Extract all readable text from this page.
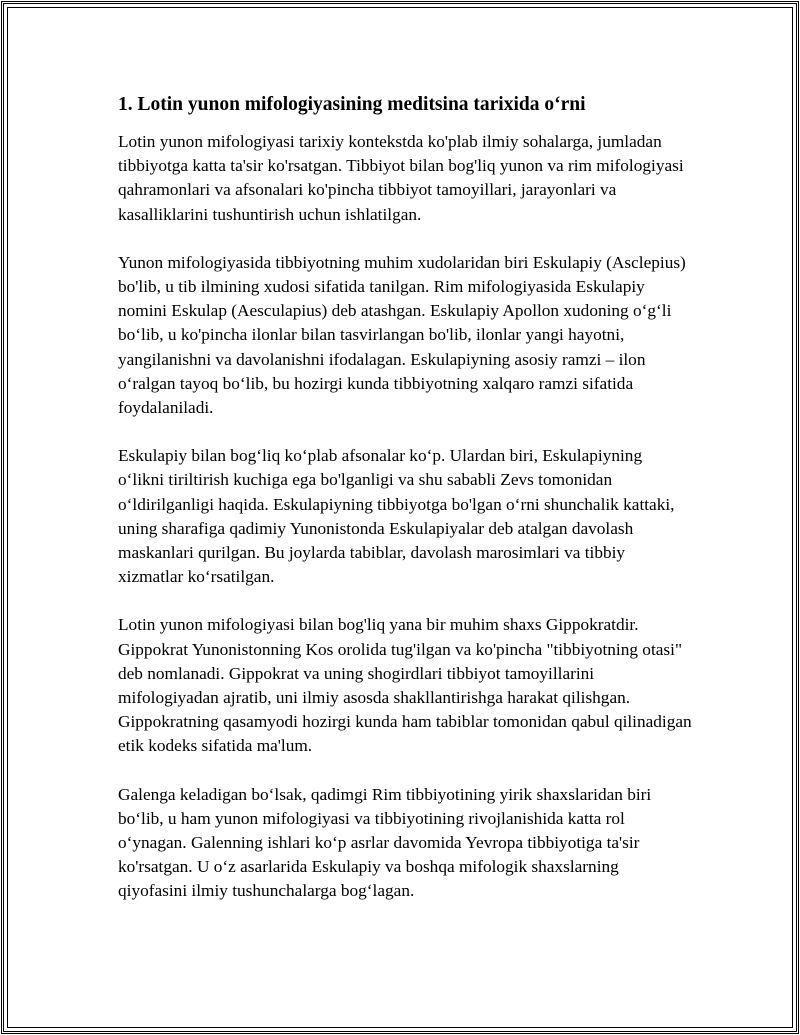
1. Lotin yunon mifologiyasining meditsina tarixida o‘rni

Lotin yunon mifologiyasi tarixiy kontekstda ko'plab ilmiy sohalarga, jumladan tibbiyotga katta ta'sir ko'rsatgan. Tibbiyot bilan bog'liq yunon va rim mifologiyasi qahramonlari va afsonalari ko'pincha tibbiyot tamoyillari, jarayonlari va kasalliklarini tushuntirish uchun ishlatilgan.

Yunon mifologiyasida tibbiyotning muhim xudolaridan biri Eskulapiy (Asclepius) bo'lib, u tib ilmining xudosi sifatida tanilgan. Rim mifologiyasida Eskulapiy nomini Eskulap (Aesculapius) deb atashgan. Eskulapiy Apollon xudoning o‘g‘li bo‘lib, u ko'pincha ilonlar bilan tasvirlangan bo'lib, ilonlar yangi hayotni, yangilanishni va davolanishni ifodalagan. Eskulapiyning asosiy ramzi – ilon o‘ralgan tayoq bo‘lib, bu hozirgi kunda tibbiyotning xalqaro ramzi sifatida foydalaniladi.

Eskulapiy bilan bog‘liq ko‘plab afsonalar ko‘p. Ulardan biri, Eskulapiyning o‘likni tiriltirish kuchiga ega bo'lganligi va shu sababli Zevs tomonidan o‘ldirilganligi haqida. Eskulapiyning tibbiyotga bo'lgan o‘rni shunchalik kattaki, uning sharafiga qadimiy Yunonistonda Eskulapiyalar deb atalgan davolash maskanlari qurilgan. Bu joylarda tabiblar, davolash marosimlari va tibbiy xizmatlar ko‘rsatilgan.

Lotin yunon mifologiyasi bilan bog'liq yana bir muhim shaxs Gippokratdir. Gippokrat Yunonistonning Kos orolida tug'ilgan va ko'pincha "tibbiyotning otasi" deb nomlanadi. Gippokrat va uning shogirdlari tibbiyot tamoyillarini mifologiyadan ajratib, uni ilmiy asosda shakllantirishga harakat qilishgan. Gippokratning qasamyodi hozirgi kunda ham tabiblar tomonidan qabul qilinadigan etik kodeks sifatida ma'lum.

Galenga keladigan bo‘lsak, qadimgi Rim tibbiyotining yirik shaxslaridan biri bo‘lib, u ham yunon mifologiyasi va tibbiyotining rivojlanishida katta rol o‘ynagan. Galenning ishlari ko‘p asrlar davomida Yevropa tibbiyotiga ta'sir ko'rsatgan. U o‘z asarlarida Eskulapiy va boshqa mifologik shaxslarning qiyofasini ilmiy tushunchalarga bog‘lagan.
